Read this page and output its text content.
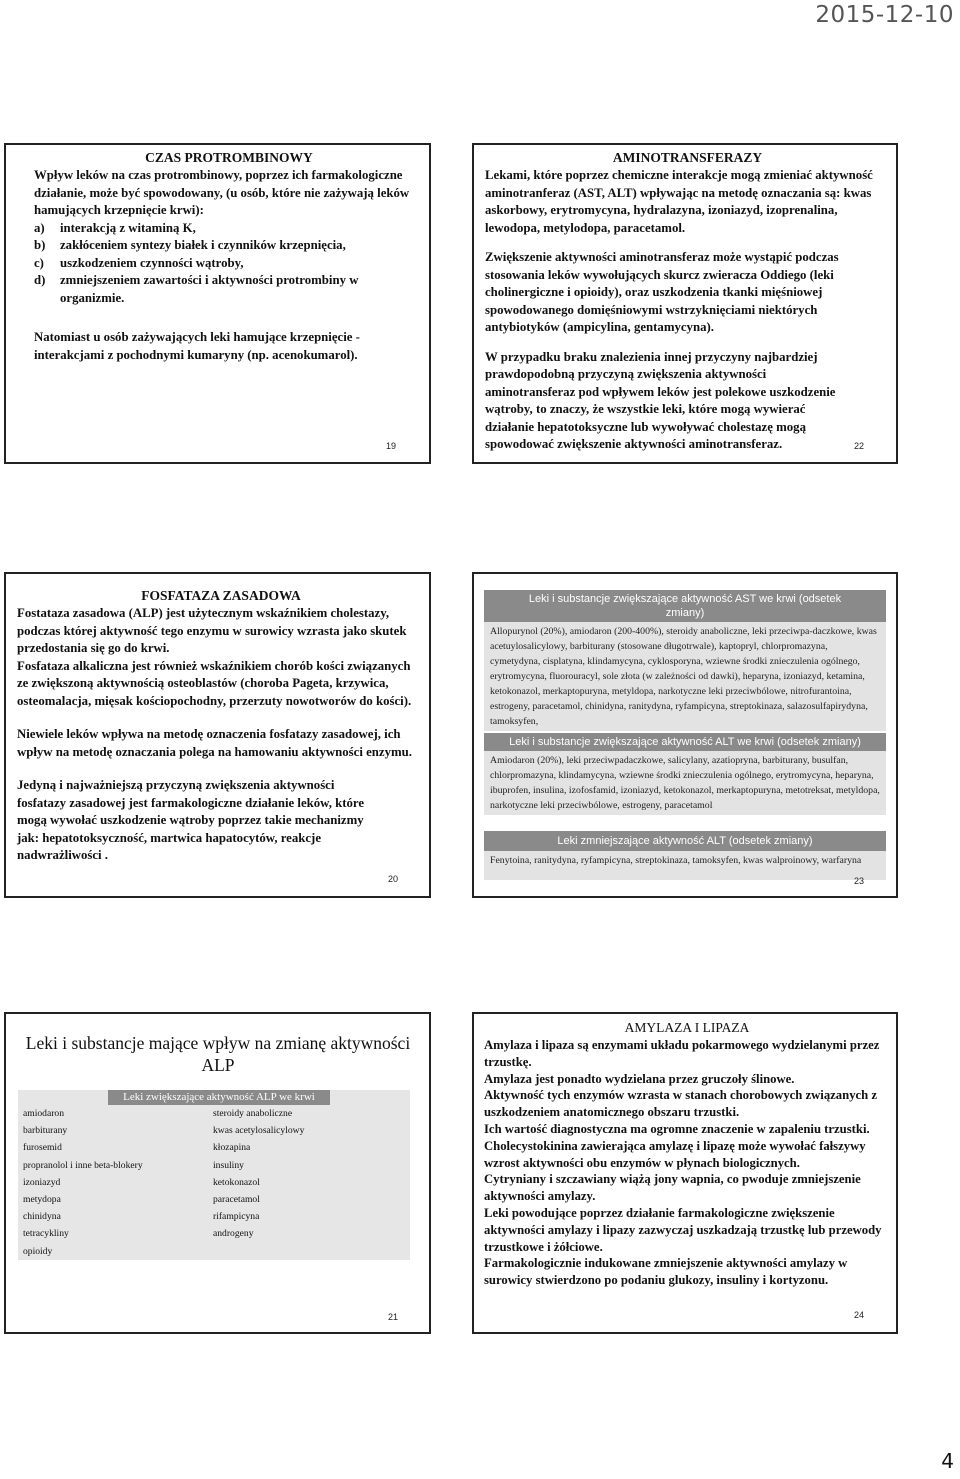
2015-12-10
CZAS PROTROMBINOWY

Wpływ leków na czas protrombinowy, poprzez ich farmakologiczne działanie, może być spowodowany, (u osób, które nie zażywają leków hamujących krzepnięcie krwi):

a) interakcją z witaminą K,
b) zakłóceniem syntezy białek i czynników krzepnięcia,
c) uszkodzeniem czynności wątroby,
d) zmniejszeniem zawartości i aktywności protrombiny w organizmie.

Natomiast u osób zażywających leki hamujące krzepnięcie - interakcjami z pochodnymi kumaryny (np. acenokumarol).

19
AMINOTRANSFERAZY

Lekami, które poprzez chemiczne interakcje mogą zmieniać aktywność aminotranferaz (AST, ALT) wpływając na metodę oznaczania są: kwas askorbowy, erytromycyna, hydralazyna, izoniazyd, izoprenalina, lewodopa, metylodopa, paracetamol.

Zwiększenie aktywności aminotransferaz może wystąpić podczas stosowania leków wywołujących skurcz zwieracza Oddiego (leki cholinergiczne i opioidy), oraz uszkodzenia tkanki mięśniowej spowodowanego domięśniowymi wstrzyknięciami niektórych antybiotyków (ampicylina, gentamycyna).

W przypadku braku znalezienia innej przyczyny najbardziej prawdopodobną przyczyną zwiększenia aktywności aminotransferaz pod wpływem leków jest polekowe uszkodzenie wątroby, to znaczy, że wszystkie leki, które mogą wywierać działanie hepatotoksyczne lub wywoływać cholestazę mogą spowodować zwiększenie aktywności aminotransferaz.	22
FOSFATAZA ZASADOWA

Fostataza zasadowa (ALP) jest użytecznym wskaźnikiem cholestazy, podczas której aktywność tego enzymu w surowicy wzrasta jako skutek przedostania się go do krwi.

Fosfataza alkaliczna jest również wskaźnikiem chorób kości związanych ze zwiększoną aktywnością osteoblastów (choroba Pageta, krzywica, osteomalacja, mięsak kościopochodny, przerzuty nowotworów do kości).

Niewiele leków wpływa na metodę oznaczenia fosfatazy zasadowej, ich wpływ na metodę oznaczania polega na hamowaniu aktywności enzymu.

Jedyną i najważniejszą przyczyną zwiększenia aktywności fosfatazy zasadowej jest farmakologiczne działanie leków, które mogą wywołać uszkodzenie wątroby poprzez takie mechanizmy jak: hepatotoksyczność, martwica hapatocytów, reakcje nadwrażliwości .

20
Leki i substancje zwiększające aktywność AST we krwi (odsetek zmiany)
Allopurynol (20%), amiodaron (200-400%), steroidy anaboliczne, leki przeciwpa-daczkowe, kwas acetuylosalicylowy, barbiturany (stosowane długotrwale), kaptopryl, chlorpromazyna, cymetydyna, cisplatyna, klindamycyna, cyklosporyna, wziewne środki znieczulenia ogólnego, erytromycyna, fluorouracyl, sole złota (w zależności od dawki), heparyna, izoniazyd, ketamina, ketokonazol, merkaptopuryna, metyldopa, narkotyczne leki przeciwbólowe, nitrofurantoina, estrogeny, paracetamol, chinidyna, ranitydyna, ryfampicyna, streptokinaza, salazosulfapirydyna, tamoksyfen,
Leki i substancje zwiększające aktywność ALT we krwi (odsetek zmiany)
Amiodaron (20%), leki przeciwpadaczkowe, salicylany, azatiopryna, barbiturany, busulfan, chlorpromazyna, klindamycyna, wziewne środki znieczulenia ogólnego, erytromycyna, heparyna, ibuprofen, insulina, izofosfamid, izoniazyd, ketokonazol, merkaptopuryna, metotreksat, metyldopa, narkotyczne leki przeciwbólowe, estrogeny, paracetamol
Leki zmniejszające aktywność ALT (odsetek zmiany)
Fenytoina, ranitydyna, ryfampicyna, streptokinaza, tamoksyfen, kwas walproinowy, warfaryna
23
Leki i substancje mające wpływ na zmianę aktywności ALP
Leki zwiększające aktywność ALP we krwi
amiodaron	steroidy anaboliczne
barbiturany	kwas acetylosalicylowy
furosemid	kłozapina
propranolol i inne beta-blokery	insuliny
izoniazyd	ketokonazol
metydopa	paracetamol
chinidyna	rifampicyna
tetracykliny	androgeny
opioidy	
21
AMYLAZA I LIPAZA

Amylaza i lipaza są enzymami układu pokarmowego wydzielanymi przez trzustkę.

Amylaza jest ponadto wydzielana przez gruczoły ślinowe.

Aktywność tych enzymów wzrasta w stanach chorobowych związanych z uszkodzeniem anatomicznego obszaru trzustki.

Ich wartość diagnostyczna ma ogromne znaczenie w zapaleniu trzustki.

Cholecystokinina zawierająca amylazę i lipazę może wywołać fałszywy wzrost aktywności obu enzymów w płynach biologicznych.

Cytryniany i szczawiany wiążą jony wapnia, co pwoduje zmniejszenie aktywności amylazy.

Leki powodujące poprzez działanie farmakologiczne zwiększenie aktywności amylazy i lipazy zazwyczaj uszkadzają trzustkę lub przewody trzustkowe i żółciowe.

Farmakologicznie indukowane zmniejszenie aktywności amylazy w surowicy stwierdzono po podaniu glukozy, insuliny i kortyzonu.

24
4
